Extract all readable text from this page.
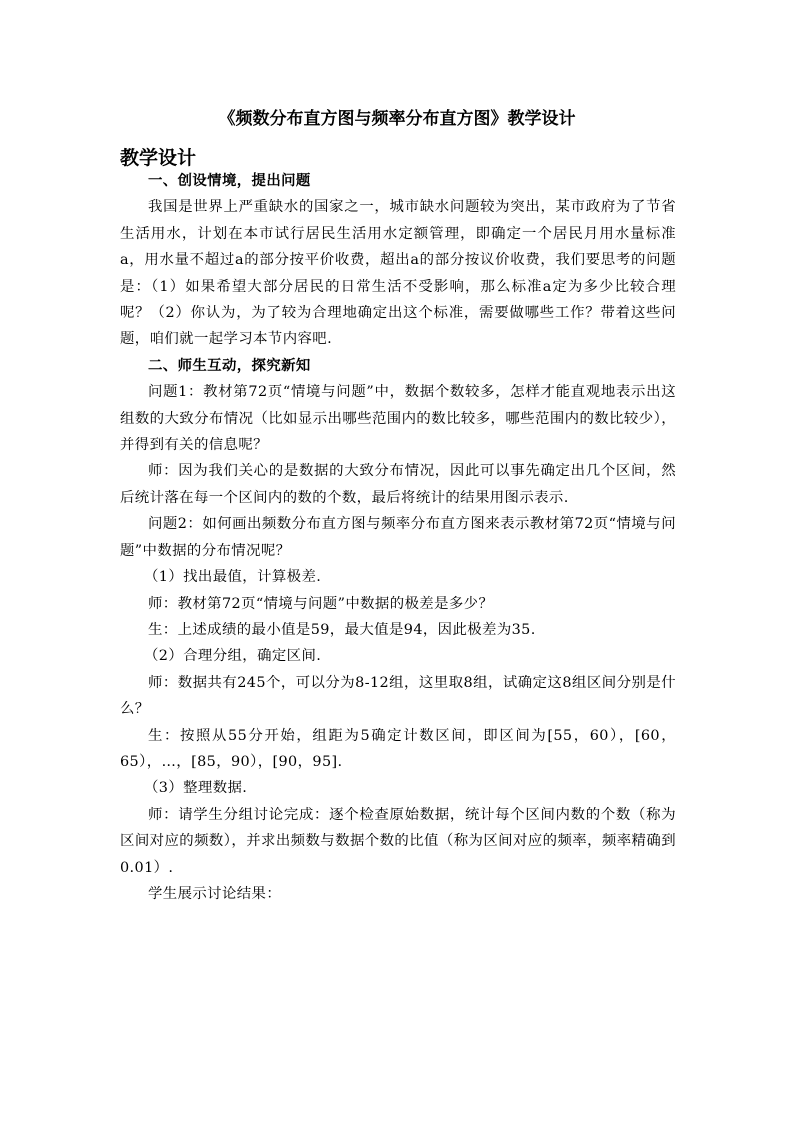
《频数分布直方图与频率分布直方图》教学设计
教学设计

一、创设情境，提出问题

我国是世界上严重缺水的国家之一，城市缺水问题较为突出，某市政府为了节省生活用水，计划在本市试行居民生活用水定额管理，即确定一个居民月用水量标准a，用水量不超过a的部分按平价收费，超出a的部分按议价收费，我们要思考的问题是：（1）如果希望大部分居民的日常生活不受影响，那么标准a定为多少比较合理呢？（2）你认为，为了较为合理地确定出这个标准，需要做哪些工作？带着这些问题，咱们就一起学习本节内容吧.

二、师生互动，探究新知

问题1：教材第72页“情境与问题”中，数据个数较多，怎样才能直观地表示出这组数的大致分布情况（比如显示出哪些范围内的数比较多，哪些范围内的数比较少），并得到有关的信息呢？

师：因为我们关心的是数据的大致分布情况，因此可以事先确定出几个区间，然后统计落在每一个区间内的数的个数，最后将统计的结果用图示表示.

问题2：如何画出频数分布直方图与频率分布直方图来表示教材第72页“情境与问题”中数据的分布情况呢？

（1）找出最值，计算极差.

师：教材第72页“情境与问题”中数据的极差是多少？

生：上述成绩的最小值是59，最大值是94，因此极差为35.

（2）合理分组，确定区间.

师：数据共有245个，可以分为8-12组，这里取8组，试确定这8组区间分别是什么？

生：按照从55分开始，组距为5确定计数区间，即区间为[55，60），[60，65），…，[85，90），[90，95].

（3）整理数据.

师：请学生分组讨论完成：逐个检查原始数据，统计每个区间内数的个数（称为区间对应的频数），并求出频数与数据个数的比值（称为区间对应的频率，频率精确到0.01）.

学生展示讨论结果：
